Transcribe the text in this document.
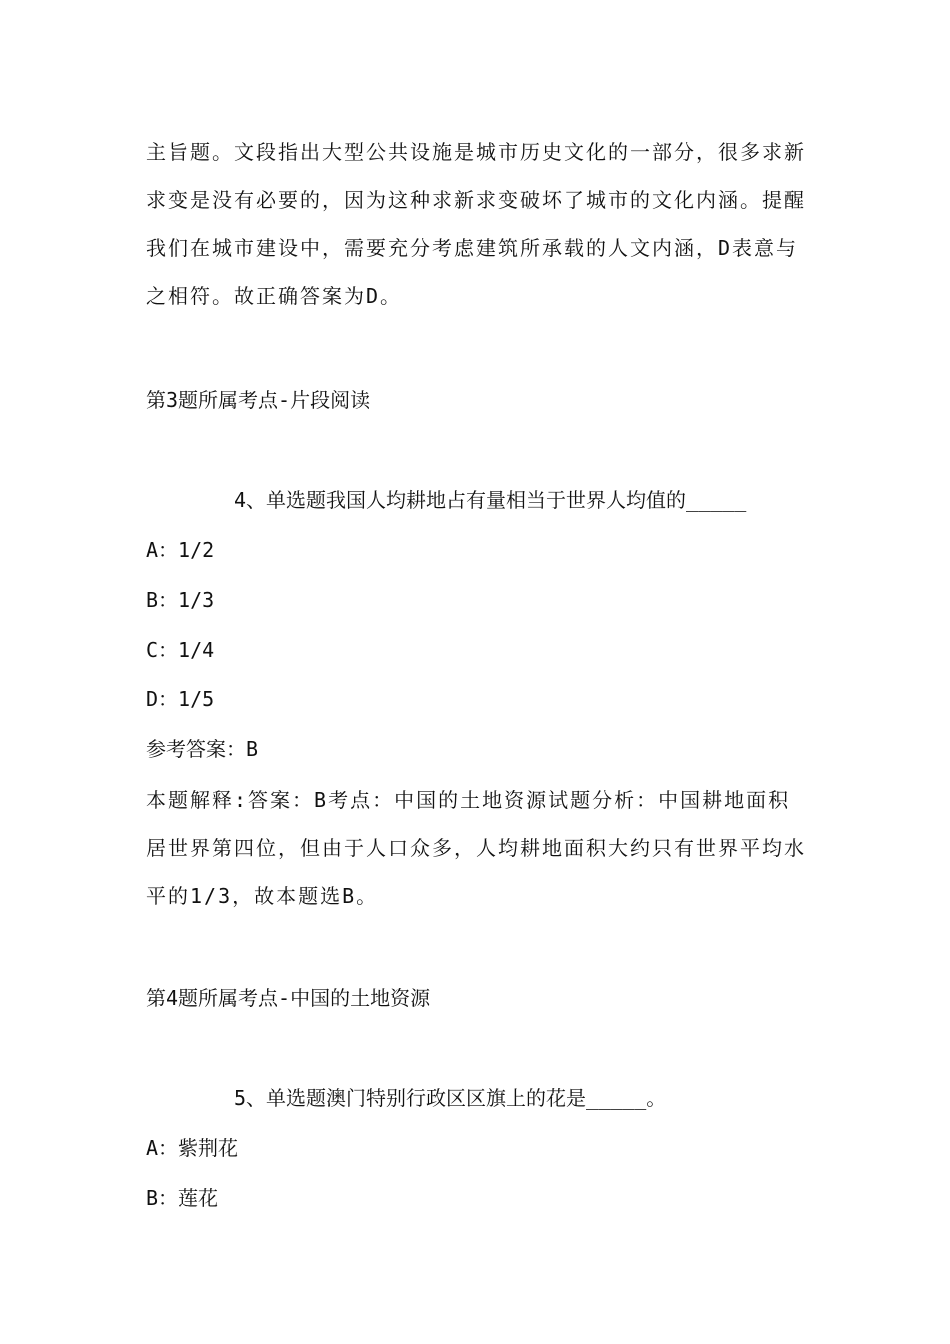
主旨题。文段指出大型公共设施是城市历史文化的一部分，很多求新求变是没有必要的，因为这种求新求变破坏了城市的文化内涵。提醒我们在城市建设中，需要充分考虑建筑所承载的人文内涵，D表意与之相符。故正确答案为D。

第3题所属考点-片段阅读
4、单选题我国人均耕地占有量相当于世界人均值的_____
A：1/2
B：1/3
C：1/4
D：1/5
参考答案：B

本题解释:答案：B考点：中国的土地资源试题分析：中国耕地面积居世界第四位，但由于人口众多，人均耕地面积大约只有世界平均水平的1/3，故本题选B。

第4题所属考点-中国的土地资源
5、单选题澳门特别行政区区旗上的花是_____。
A：紫荆花
B：莲花
